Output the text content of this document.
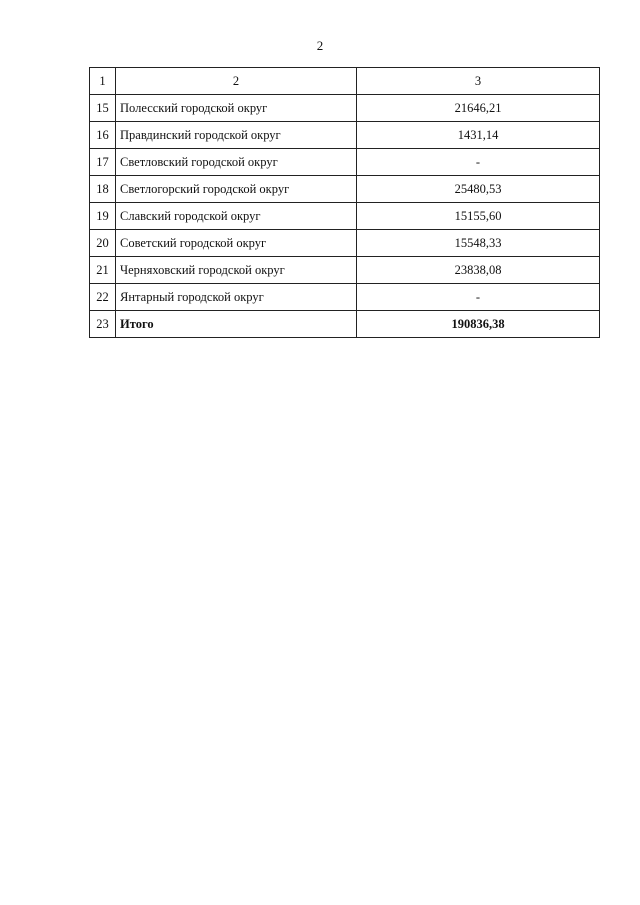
2
1	2	3
15	Полесский городской округ	21646,21
16	Правдинский городской округ	1431,14
17	Светловский городской округ	-
18	Светлогорский городской округ	25480,53
19	Славский городской округ	15155,60
20	Советский городской округ	15548,33
21	Черняховский городской округ	23838,08
22	Янтарный городской округ	-
23	Итого	190836,38
